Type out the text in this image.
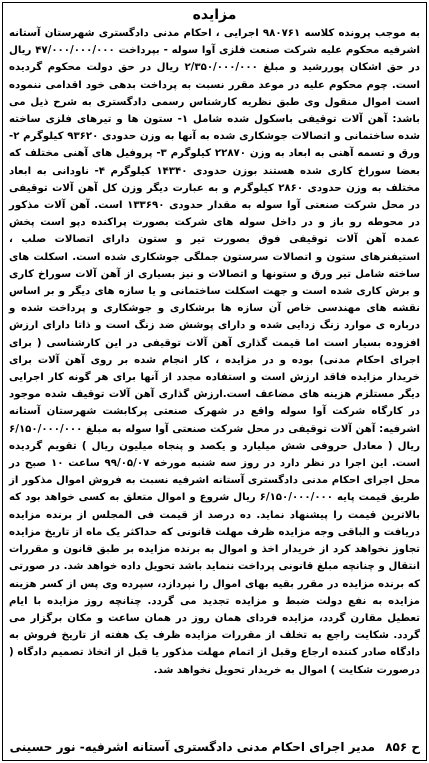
مزایده
به موجب پرونده کلاسه ۹۸۰۷۶۱ اجرایی ، احکام مدنی دادگستری شهرستان آستانه اشرفیه محکوم علیه شرکت صنعت فلزی آوا سوله - بپرداخت ۴۷/۰۰۰/۰۰۰/۰۰۰ ریال در حق اشکان پوررشید و مبلغ ۲/۳۵۰/۰۰۰/۰۰۰ ریال در حق دولت محکوم گردیده است. چوم محکوم علیه در موعد مقرر نسبت به پرداخت بدهی خود اقدامی ننموده است اموال منقول وی طبق نظریه کارشناس رسمی دادگستری به شرح ذیل می باشد: آهن آلات توقیفی باسکول شده شامل ۱- ستون ها و تیرهای فلزی ساخته شده ساختمانی و اتصالات جوشکاری شده به آنها به وزن حدودی ۹۳۶۲۰ کیلوگرم ۲- ورق و تسمه آهنی به ابعاد به وزن ۲۲۸۷۰ کیلوگرم ۳- پروفیل های آهنی مختلف که بعضا سوراخ کاری شده هستند بوزن حدودی ۱۴۳۴۰ کیلوگرم ۴- ناودانی به ابعاد مختلف به وزن حدودی ۲۸۶۰ کیلوگرم و به عبارت دیگر وزن کل آهن آلات توقیفی در محل شرکت صنعتی آوا سوله به مقدار حدودی ۱۳۳۶۹۰ است. آهن آلات مذکور در محوطه رو باز و در داخل سوله های شرکت بصورت پراکنده دپو است پخش عمده آهن آلات توقیفی فوق بصورت تیر و ستون دارای اتصالات صلب ، استیفنرهای ستون و اتصالات سرستون جملگی جوشکاری شده است. اسکلت های ساخته شامل تیر ورق و ستونها و اتصالات و نیز بسیاری از آهن آلات سوراخ کاری و برش کاری شده است و جهت اسکلت ساختمانی و یا سازه های دیگر و بر اساس نقشه های مهندسی خاص آن سازه ها برشکاری و جوشکاری و پرداخت شده و درباره ی موارد زنگ زدایی شده و دارای پوشش ضد زنگ است و ذاتا دارای ارزش افزوده بسیار است اما قیمت گذاری آهن آلات توقیفی در این کارشناسی ( برای اجرای احکام مدنی) بوده و در مزایده ، کار انجام شده بر روی آهن آلات برای خریدار مزایده فاقد ارزش است و استفاده مجدد از آنها برای هر گونه کار اجرایی دیگر مستلزم هزینه های مضاعف است.ارزش گذاری آهن آلات توقیف شده موجود در کارگاه شرکت آوا سوله واقع در شهرک صنعتی پرکابشت شهرستان آستانه اشرفیه: آهن آلات توقیفی در محل شرکت صنعتی آوا سوله به مبلغ ۶/۱۵۰/۰۰۰/۰۰۰ ریال ( معادل حروفی شش میلیارد و یکصد و پنجاه میلیون ریال ) تقویم گردیده است. این اجرا در نظر دارد در روز سه شنبه مورخه ۹۹/۰۵/۰۷ ساعت ۱۰ صبح در محل اجرای احکام مدنی دادگستری آستانه اشرفیه نسبت به فروش اموال مذکور از طریق قیمت پایه ۶/۱۵۰/۰۰۰/۰۰۰ ریال شروع و اموال متعلق به کسی خواهد بود که بالاترین قیمت را پیشنهاد نماید. ده درصد از قیمت فی المجلس از برنده مزایده دریافت و الباقی وجه مزایده ظرف مهلت قانونی که حداکثر یک ماه از تاریخ مزایده تجاوز نخواهد کرد از خریدار اخذ و اموال به برنده مزایده بر طبق قانون و مقررات انتقال و چنانچه مبلغ قانونی پرداخت ننماید باشد تحویل داده خواهد شد. در صورتی که برنده مزایده در مقرر بقیه بهای اموال را نپردازد، سپرده وی پس از کسر هزینه مزایده به نفع دولت ضبط و مزایده تجدید می گردد. چنانچه روز مزایده با ایام تعطیل مقارن گردد، مزایده فردای همان روز در همان ساعت و مکان برگزار می گردد. شکایت راجع به تخلف از مقررات مزایده ظرف یک هفته از تاریخ فروش به دادگاه صادر کننده ارجاع وقبل از اتمام مهلت مذکور یا قبل از اتخاذ تصمیم دادگاه ( درصورت شکایت ) اموال به خریدار تحویل نخواهد شد.
ح ۸۵۶ مدیر اجرای احکام مدنی دادگستری آستانه اشرفیه- نور حسینی
